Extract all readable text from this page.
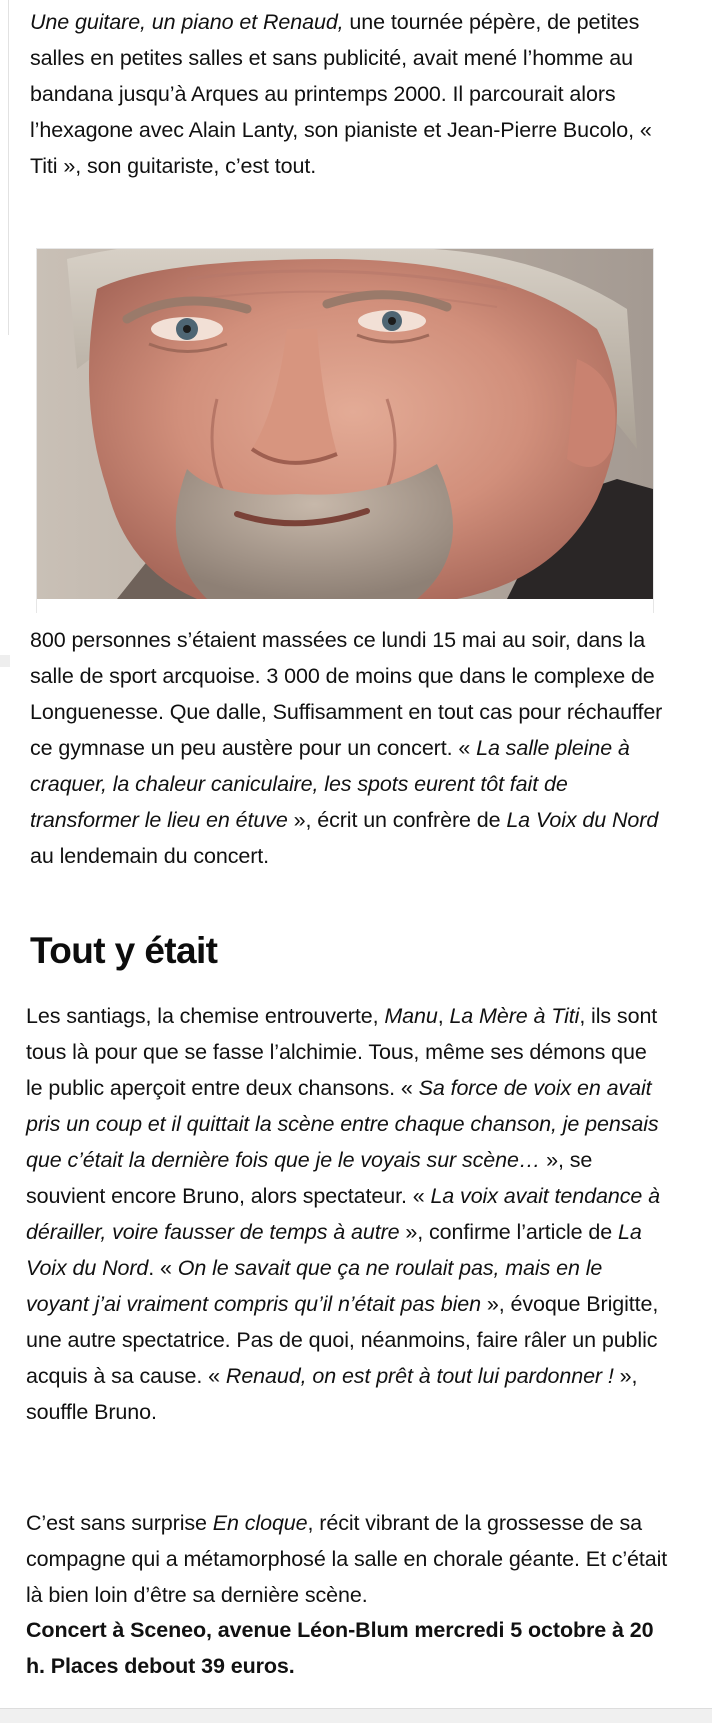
Une guitare, un piano et Renaud, une tournée pépère, de petites salles en petites salles et sans publicité, avait mené l’homme au bandana jusqu’à Arques au printemps 2000. Il parcourait alors l’hexagone avec Alain Lanty, son pianiste et Jean-Pierre Bucolo, « Titi », son guitariste, c’est tout.

800 personnes s’étaient massées ce lundi 15 mai au soir, dans la salle de sport arcquoise. 3 000 de moins que dans le complexe de Longuenesse. Que dalle, Suffisamment en tout cas pour réchauffer ce gymnase un peu austère pour un concert. « La salle pleine à craquer, la chaleur caniculaire, les spots eurent tôt fait de transformer le lieu en étuve », écrit un confrère de La Voix du Nord au lendemain du concert.

Tout y était

Les santiags, la chemise entrouverte, Manu, La Mère à Titi, ils sont tous là pour que se fasse l’alchimie. Tous, même ses démons que le public aperçoit entre deux chansons. « Sa force de voix en avait pris un coup et il quittait la scène entre chaque chanson, je pensais que c’était la dernière fois que je le voyais sur scène… », se souvient encore Bruno, alors spectateur. « La voix avait tendance à dérailler, voire fausser de temps à autre », confirme l’article de La Voix du Nord. « On le savait que ça ne roulait pas, mais en le voyant j’ai vraiment compris qu’il n’était pas bien », évoque Brigitte, une autre spectatrice. Pas de quoi, néanmoins, faire râler un public acquis à sa cause. « Renaud, on est prêt à tout lui pardonner ! », souffle Bruno.

C’est sans surprise En cloque, récit vibrant de la grossesse de sa compagne qui a métamorphosé la salle en chorale géante. Et c’était là bien loin d’être sa dernière scène.

Concert à Sceneo, avenue Léon-Blum mercredi 5 octobre à 20 h. Places debout 39 euros.
